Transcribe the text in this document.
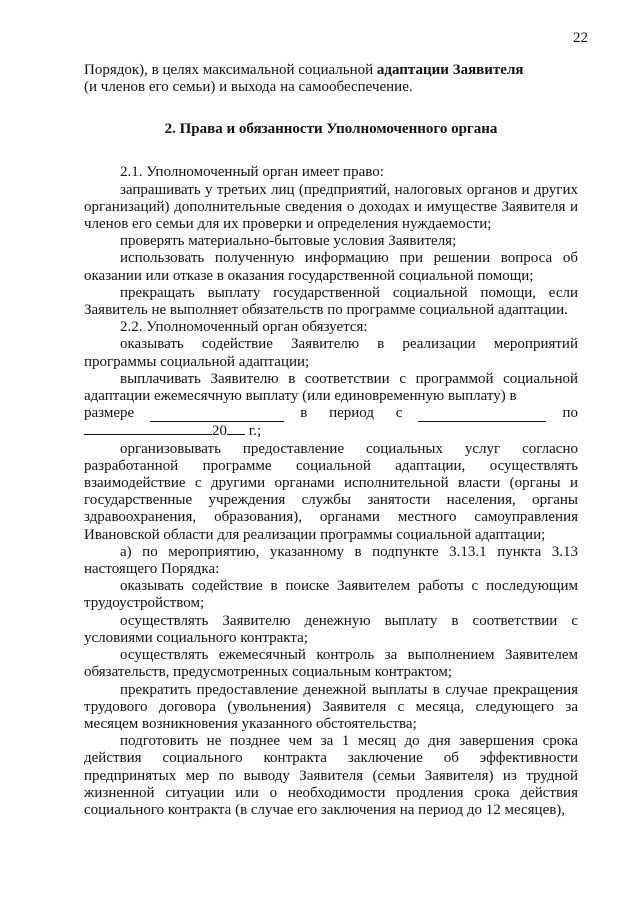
22

Порядок), в целях максимальной социальной адаптации Заявителя
(и членов его семьи) и выхода на самообеспечение.

2. Права и обязанности Уполномоченного органа

2.1. Уполномоченный орган имеет право:

запрашивать у третьих лиц (предприятий, налоговых органов и других организаций) дополнительные сведения о доходах и имуществе Заявителя и членов его семьи для их проверки и определения нуждаемости;

проверять материально-бытовые условия Заявителя;

использовать полученную информацию при решении вопроса об оказании или отказе в оказания государственной социальной помощи;

прекращать выплату государственной социальной помощи, если Заявитель не выполняет обязательств по программе социальной адаптации.

2.2. Уполномоченный орган обязуется:

оказывать содействие Заявителю в реализации мероприятий программы социальной адаптации;

выплачивать Заявителю в соответствии с программой социальной адаптации ежемесячную выплату (или единовременную выплату) в

размере	в период с	по

20 г.;

организовывать предоставление социальных услуг согласно разработанной программе социальной адаптации, осуществлять взаимодействие с другими органами исполнительной власти (органы и государственные учреждения службы занятости населения, органы здравоохранения, образования), органами местного самоуправления Ивановской области для реализации программы социальной адаптации;

а) по мероприятию, указанному в подпункте 3.13.1 пункта 3.13 настоящего Порядка:

оказывать содействие в поиске Заявителем работы с последующим трудоустройством;

осуществлять Заявителю денежную выплату в соответствии с условиями социального контракта;

осуществлять ежемесячный контроль за выполнением Заявителем обязательств, предусмотренных социальным контрактом;

прекратить предоставление денежной выплаты в случае прекращения трудового договора (увольнения) Заявителя с месяца, следующего за месяцем возникновения указанного обстоятельства;

подготовить не позднее чем за 1 месяц до дня завершения срока действия социального контракта заключение об эффективности предпринятых мер по выводу Заявителя (семьи Заявителя) из трудной жизненной ситуации или о необходимости продления срока действия социального контракта (в случае его заключения на период до 12 месяцев),
